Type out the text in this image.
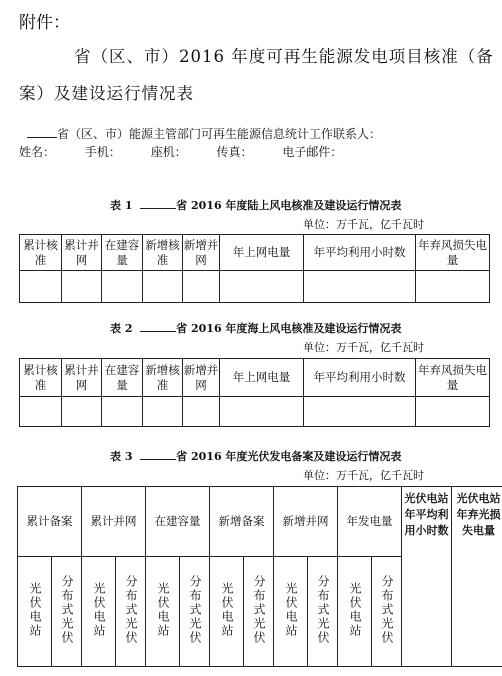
附件：
省（区、市）2016 年度可再生能源发电项目核准（备
案）及建设运行情况表
省（区、市）能源主管部门可再生能源信息统计工作联系人：
姓名： 手机： 座机： 传真： 电子邮件：
表 1	省 2016 年度陆上风电核准及建设运行情况表
单位：万千瓦，亿千瓦时
累计核准	累计并网	在建容量	新增核准	新增并网	年上网电量	年平均利用小时数	年弃风损失电量

表 2	省 2016 年度海上风电核准及建设运行情况表
单位：万千瓦，亿千瓦时
累计核准	累计并网	在建容量	新增核准	新增并网	年上网电量	年平均利用小时数	年弃风损失电量

表 3	省 2016 年度光伏发电备案及建设运行情况表
单位：万千瓦，亿千瓦时
累计备案		累计并网		在建容量		新增备案		新增并网		年发电量		光伏电站年平均利用小时数	光伏电站年弃光损失电量
光伏电站	分布式光伏	光伏电站	分布式光伏	光伏电站	分布式光伏	光伏电站	分布式光伏	光伏电站	分布式光伏	光伏电站	分布式光伏		
